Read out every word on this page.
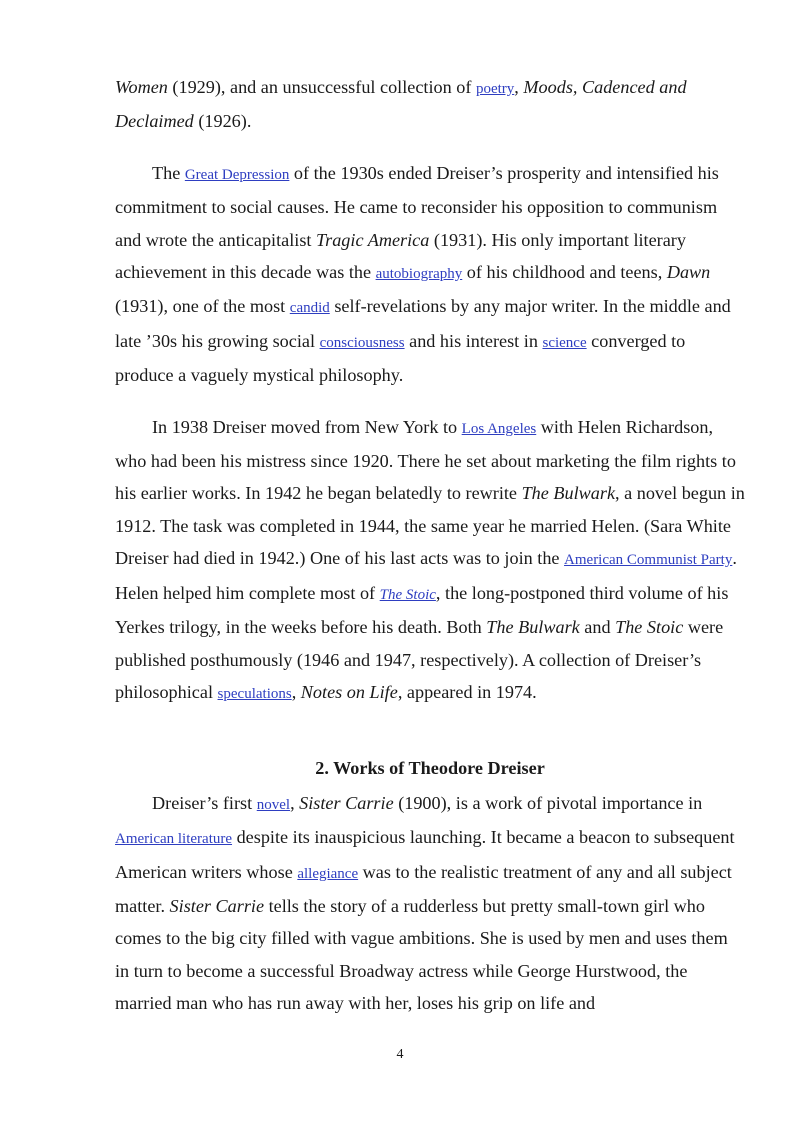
Women (1929), and an unsuccessful collection of poetry, Moods, Cadenced and Declaimed (1926).

The Great Depression of the 1930s ended Dreiser’s prosperity and intensified his commitment to social causes. He came to reconsider his opposition to communism and wrote the anticapitalist Tragic America (1931). His only important literary achievement in this decade was the autobiography of his childhood and teens, Dawn (1931), one of the most candid self-revelations by any major writer. In the middle and late ’30s his growing social consciousness and his interest in science converged to produce a vaguely mystical philosophy.

In 1938 Dreiser moved from New York to Los Angeles with Helen Richardson, who had been his mistress since 1920. There he set about marketing the film rights to his earlier works. In 1942 he began belatedly to rewrite The Bulwark, a novel begun in 1912. The task was completed in 1944, the same year he married Helen. (Sara White Dreiser had died in 1942.) One of his last acts was to join the American Communist Party. Helen helped him complete most of The Stoic, the long-postponed third volume of his Yerkes trilogy, in the weeks before his death. Both The Bulwark and The Stoic were published posthumously (1946 and 1947, respectively). A collection of Dreiser’s philosophical speculations, Notes on Life, appeared in 1974.

2. Works of Theodore Dreiser

Dreiser’s first novel, Sister Carrie (1900), is a work of pivotal importance in American literature despite its inauspicious launching. It became a beacon to subsequent American writers whose allegiance was to the realistic treatment of any and all subject matter. Sister Carrie tells the story of a rudderless but pretty small-town girl who comes to the big city filled with vague ambitions. She is used by men and uses them in turn to become a successful Broadway actress while George Hurstwood, the married man who has run away with her, loses his grip on life and

4
